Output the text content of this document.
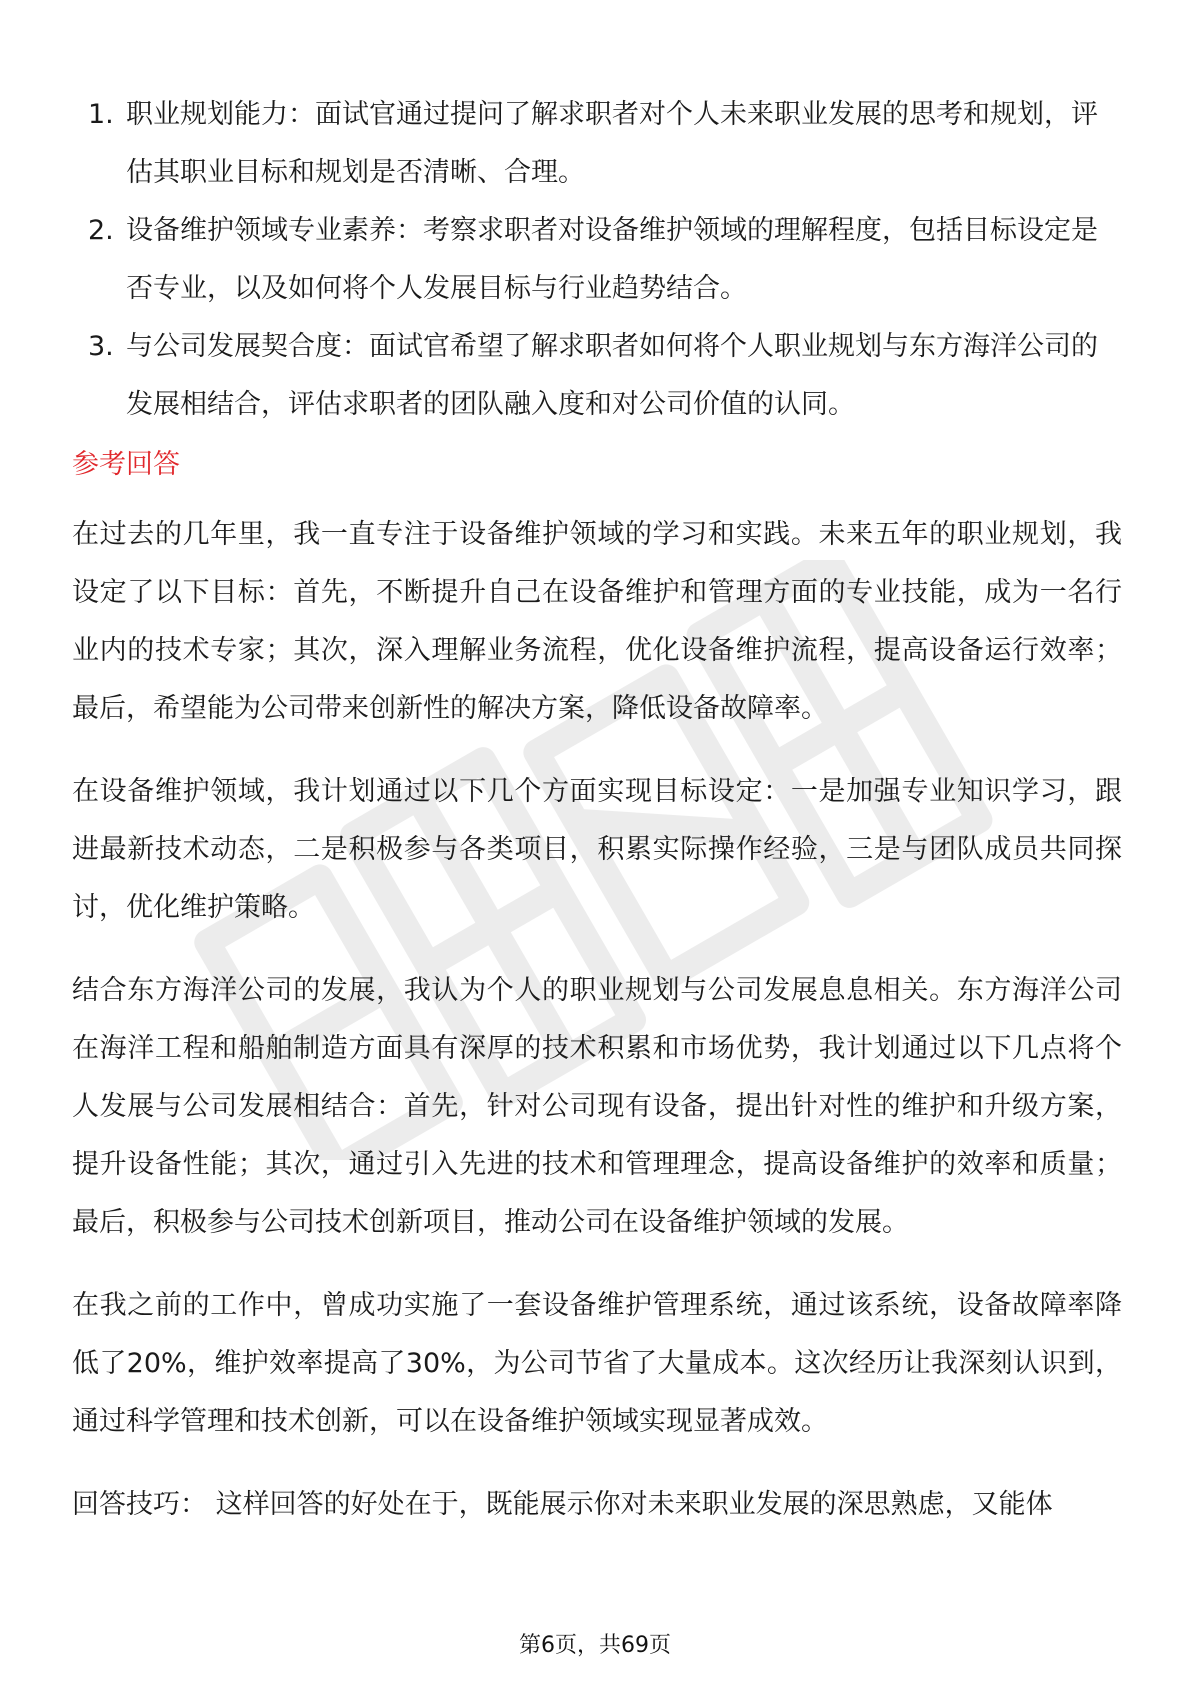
1. 职业规划能力：面试官通过提问了解求职者对个人未来职业发展的思考和规划，评估其职业目标和规划是否清晰、合理。
2. 设备维护领域专业素养：考察求职者对设备维护领域的理解程度，包括目标设定是否专业，以及如何将个人发展目标与行业趋势结合。
3. 与公司发展契合度：面试官希望了解求职者如何将个人职业规划与东方海洋公司的发展相结合，评估求职者的团队融入度和对公司价值的认同。
参考回答

在过去的几年里，我一直专注于设备维护领域的学习和实践。未来五年的职业规划，我设定了以下目标：首先，不断提升自己在设备维护和管理方面的专业技能，成为一名行业内的技术专家；其次，深入理解业务流程，优化设备维护流程，提高设备运行效率；最后，希望能为公司带来创新性的解决方案，降低设备故障率。

在设备维护领域，我计划通过以下几个方面实现目标设定：一是加强专业知识学习，跟进最新技术动态，二是积极参与各类项目，积累实际操作经验，三是与团队成员共同探讨，优化维护策略。

结合东方海洋公司的发展，我认为个人的职业规划与公司发展息息相关。东方海洋公司在海洋工程和船舶制造方面具有深厚的技术积累和市场优势，我计划通过以下几点将个人发展与公司发展相结合：首先，针对公司现有设备，提出针对性的维护和升级方案，提升设备性能；其次，通过引入先进的技术和管理理念，提高设备维护的效率和质量；最后，积极参与公司技术创新项目，推动公司在设备维护领域的发展。

在我之前的工作中，曾成功实施了一套设备维护管理系统，通过该系统，设备故障率降低了20%，维护效率提高了30%，为公司节省了大量成本。这次经历让我深刻认识到，通过科学管理和技术创新，可以在设备维护领域实现显著成效。

回答技巧： 这样回答的好处在于，既能展示你对未来职业发展的深思熟虑，又能体

第6页，共69页
